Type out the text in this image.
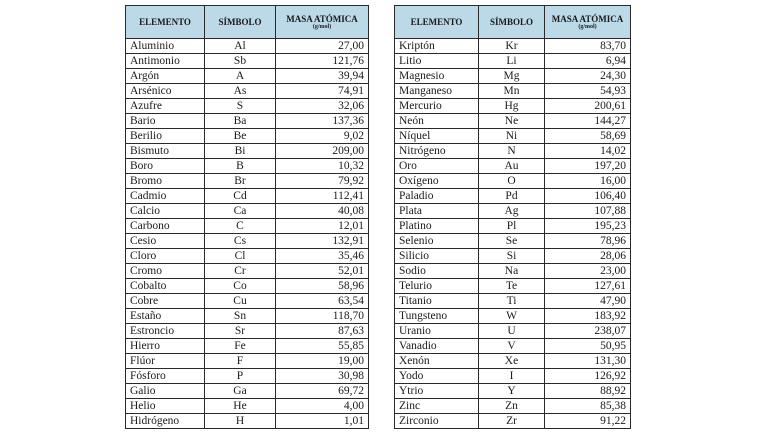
ELEMENTO	SÍMBOLO	MASA ATÓMICA
(g/mol)

Aluminio	Al	27,00
Antimonio	Sb	121,76
Argón	A	39,94
Arsénico	As	74,91
Azufre	S	32,06
Bario	Ba	137,36
Berilio	Be	9,02
Bismuto	Bi	209,00
Boro	B	10,32
Bromo	Br	79,92
Cadmio	Cd	112,41
Calcio	Ca	40,08
Carbono	C	12,01
Cesio	Cs	132,91
Cloro	Cl	35,46
Cromo	Cr	52,01
Cobalto	Co	58,96
Cobre	Cu	63,54
Estaño	Sn	118,70
Estroncio	Sr	87,63
Hierro	Fe	55,85
Flúor	F	19,00
Fósforo	P	30,98
Galio	Ga	69,72
Helio	He	4,00
Hidrógeno	H	1,01
ELEMENTO	SÍMBOLO	MASA ATÓMICA
(g/mol)

Kriptón	Kr	83,70
Litio	Li	6,94
Magnesio	Mg	24,30
Manganeso	Mn	54,93
Mercurio	Hg	200,61
Neón	Ne	144,27
Níquel	Ni	58,69
Nitrógeno	N	14,02
Oro	Au	197,20
Oxígeno	O	16,00
Paladio	Pd	106,40
Plata	Ag	107,88
Platino	Pl	195,23
Selenio	Se	78,96
Silicio	Si	28,06
Sodio	Na	23,00
Telurio	Te	127,61
Titanio	Ti	47,90
Tungsteno	W	183,92
Uranio	U	238,07
Vanadio	V	50,95
Xenón	Xe	131,30
Yodo	I	126,92
Ytrio	Y	88,92
Zinc	Zn	85,38
Zirconio	Zr	91,22
